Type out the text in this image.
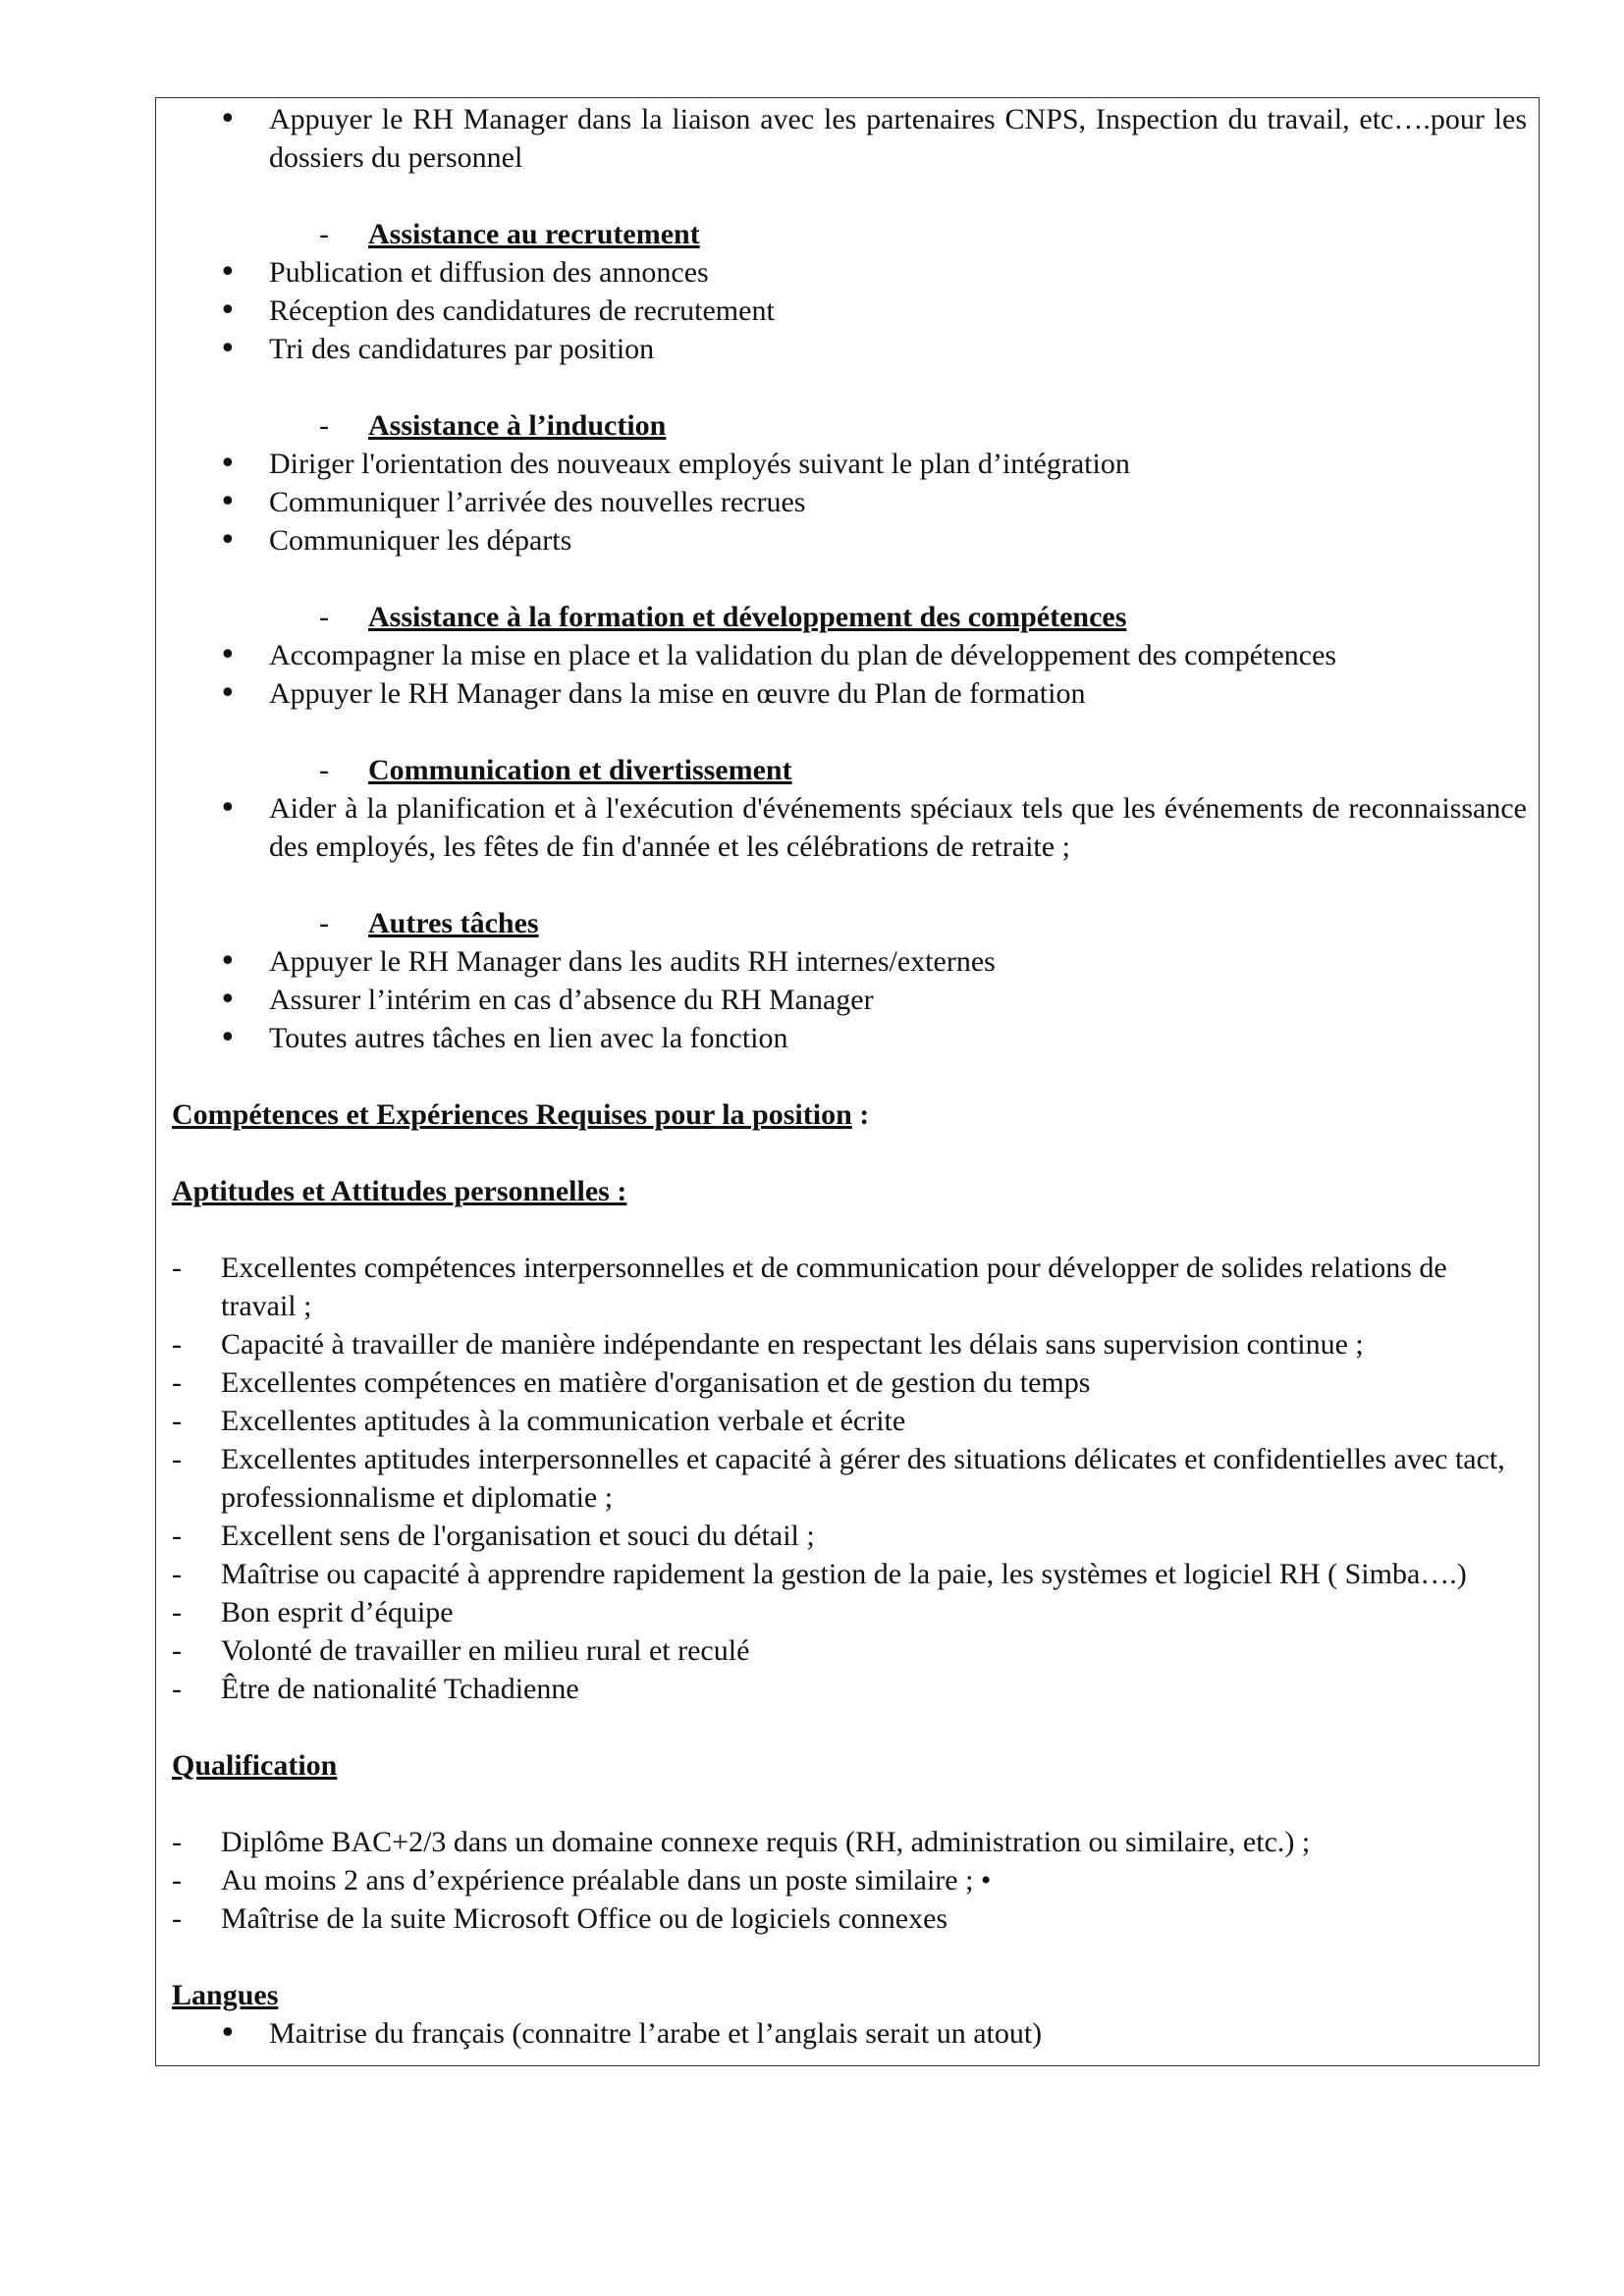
• Appuyer le RH Manager dans la liaison avec les partenaires CNPS, Inspection du travail, etc….pour les dossiers du personnel
- Assistance au recrutement
• Publication et diffusion des annonces
• Réception des candidatures de recrutement
• Tri des candidatures par position
- Assistance à l’induction
• Diriger l'orientation des nouveaux employés suivant le plan d’intégration
• Communiquer l’arrivée des nouvelles recrues
• Communiquer les départs
- Assistance à la formation et développement des compétences
• Accompagner la mise en place et la validation du plan de développement des compétences
• Appuyer le RH Manager dans la mise en œuvre du Plan de formation
- Communication et divertissement
• Aider à la planification et à l'exécution d'événements spéciaux tels que les événements de reconnaissance des employés, les fêtes de fin d'année et les célébrations de retraite ;
- Autres tâches
• Appuyer le RH Manager dans les audits RH internes/externes
• Assurer l’intérim en cas d’absence du RH Manager
• Toutes autres tâches en lien avec la fonction
Compétences et Expériences Requises pour la position :
Aptitudes et Attitudes personnelles :
- Excellentes compétences interpersonnelles et de communication pour développer de solides relations de travail ;
- Capacité à travailler de manière indépendante en respectant les délais sans supervision continue ;
- Excellentes compétences en matière d'organisation et de gestion du temps
- Excellentes aptitudes à la communication verbale et écrite
- Excellentes aptitudes interpersonnelles et capacité à gérer des situations délicates et confidentielles avec tact, professionnalisme et diplomatie ;
- Excellent sens de l'organisation et souci du détail ;
- Maîtrise ou capacité à apprendre rapidement la gestion de la paie, les systèmes et logiciel RH ( Simba….)
- Bon esprit d’équipe
- Volonté de travailler en milieu rural et reculé
- Être de nationalité Tchadienne
Qualification
- Diplôme BAC+2/3 dans un domaine connexe requis (RH, administration ou similaire, etc.) ;
- Au moins 2 ans d’expérience préalable dans un poste similaire ; •
- Maîtrise de la suite Microsoft Office ou de logiciels connexes
Langues
• Maitrise du français (connaitre l’arabe et l’anglais serait un atout)
